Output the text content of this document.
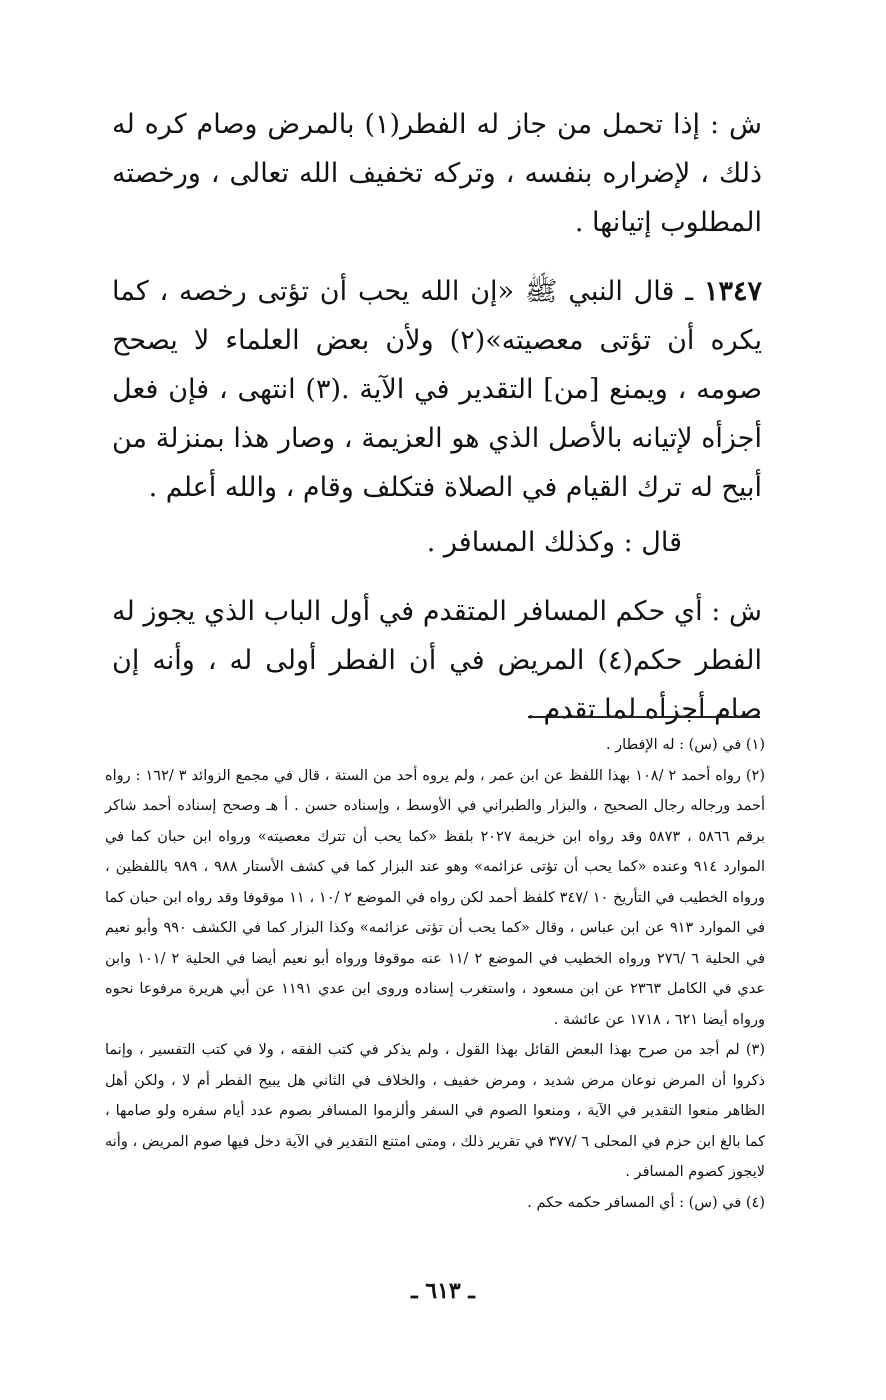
ش : إذا تحمل من جاز له الفطر(١) بالمرض وصام كره له ذلك ، لإضراره بنفسه ، وتركه تخفيف الله تعالى ، ورخصته المطلوب إتيانها .

١٣٤٧ ـ قال النبي ﷺ «إن الله يحب أن تؤتى رخصه ، كما يكره أن تؤتى معصيته»(٢) ولأن بعض العلماء لا يصحح صومه ، ويمنع [من] التقدير في الآية .(٣) انتهى ، فإن فعل أجزأه لإتيانه بالأصل الذي هو العزيمة ، وصار هذا بمنزلة من أبيح له ترك القيام في الصلاة فتكلف وقام ، والله أعلم .

قال : وكذلك المسافر .

ش : أي حكم المسافر المتقدم في أول الباب الذي يجوز له الفطر حكم(٤) المريض في أن الفطر أولى له ، وأنه إن صام أجزأه لما تقدم .

(١) في (س) : له الإفطار .

(٢) رواه أحمد ٢ /١٠٨ بهذا اللفظ عن ابن عمر ، ولم يروه أحد من الستة ، قال في مجمع الزوائد ٣ /١٦٢ : رواه أحمد ورجاله رجال الصحيح ، والبزار والطبراني في الأوسط ، وإسناده حسن . أ هـ وصحح إسناده أحمد شاكر برقم ٥٨٦٦ ، ٥٨٧٣ وقد رواه ابن خزيمة ٢٠٢٧ بلفظ «كما يحب أن تترك معصيته» ورواه ابن حبان كما في الموارد ٩١٤ وعنده «كما يحب أن تؤتى عزائمه» وهو عند البزار كما في كشف الأستار ٩٨٨ ، ٩٨٩ باللفظين ، ورواه الخطيب في التأريخ ١٠ /٣٤٧ كلفظ أحمد لكن رواه في الموضع ٢ /١٠ ، ١١ موقوفا وقد رواه ابن حبان كما في الموارد ٩١٣ عن ابن عباس ، وقال «كما يحب أن تؤتى عزائمه» وكذا البزار كما في الكشف ٩٩٠ وأبو نعيم في الحلية ٦ /٢٧٦ ورواه الخطيب في الموضع ٢ /١١ عنه موقوفا ورواه أبو نعيم أيضا في الحلية ٢ /١٠١ وابن عدي في الكامل ٢٣٦٣ عن ابن مسعود ، واستغرب إسناده وروى ابن عدي ١١٩١ عن أبي هريرة مرفوعا نحوه ورواه أيضا ٦٢١ ، ١٧١٨ عن عائشة .

(٣) لم أجد من صرح بهذا البعض القائل بهذا القول ، ولم يذكر في كتب الفقه ، ولا في كتب التفسير ، وإنما ذكروا أن المرض نوعان مرض شديد ، ومرض خفيف ، والخلاف في الثاني هل يبيح الفطر أم لا ، ولكن أهل الظاهر منعوا التقدير في الآية ، ومنعوا الصوم في السفر وألزموا المسافر بصوم عدد أيام سفره ولو صامها ، كما بالغ ابن حزم في المحلى ٦ /٣٧٧ في تقرير ذلك ، ومتى امتنع التقدير في الآية دخل فيها صوم المريض ، وأنه لايجوز كصوم المسافر .

(٤) في (س) : أي المسافر حكمه حكم .

ـ ٦١٣ ـ
